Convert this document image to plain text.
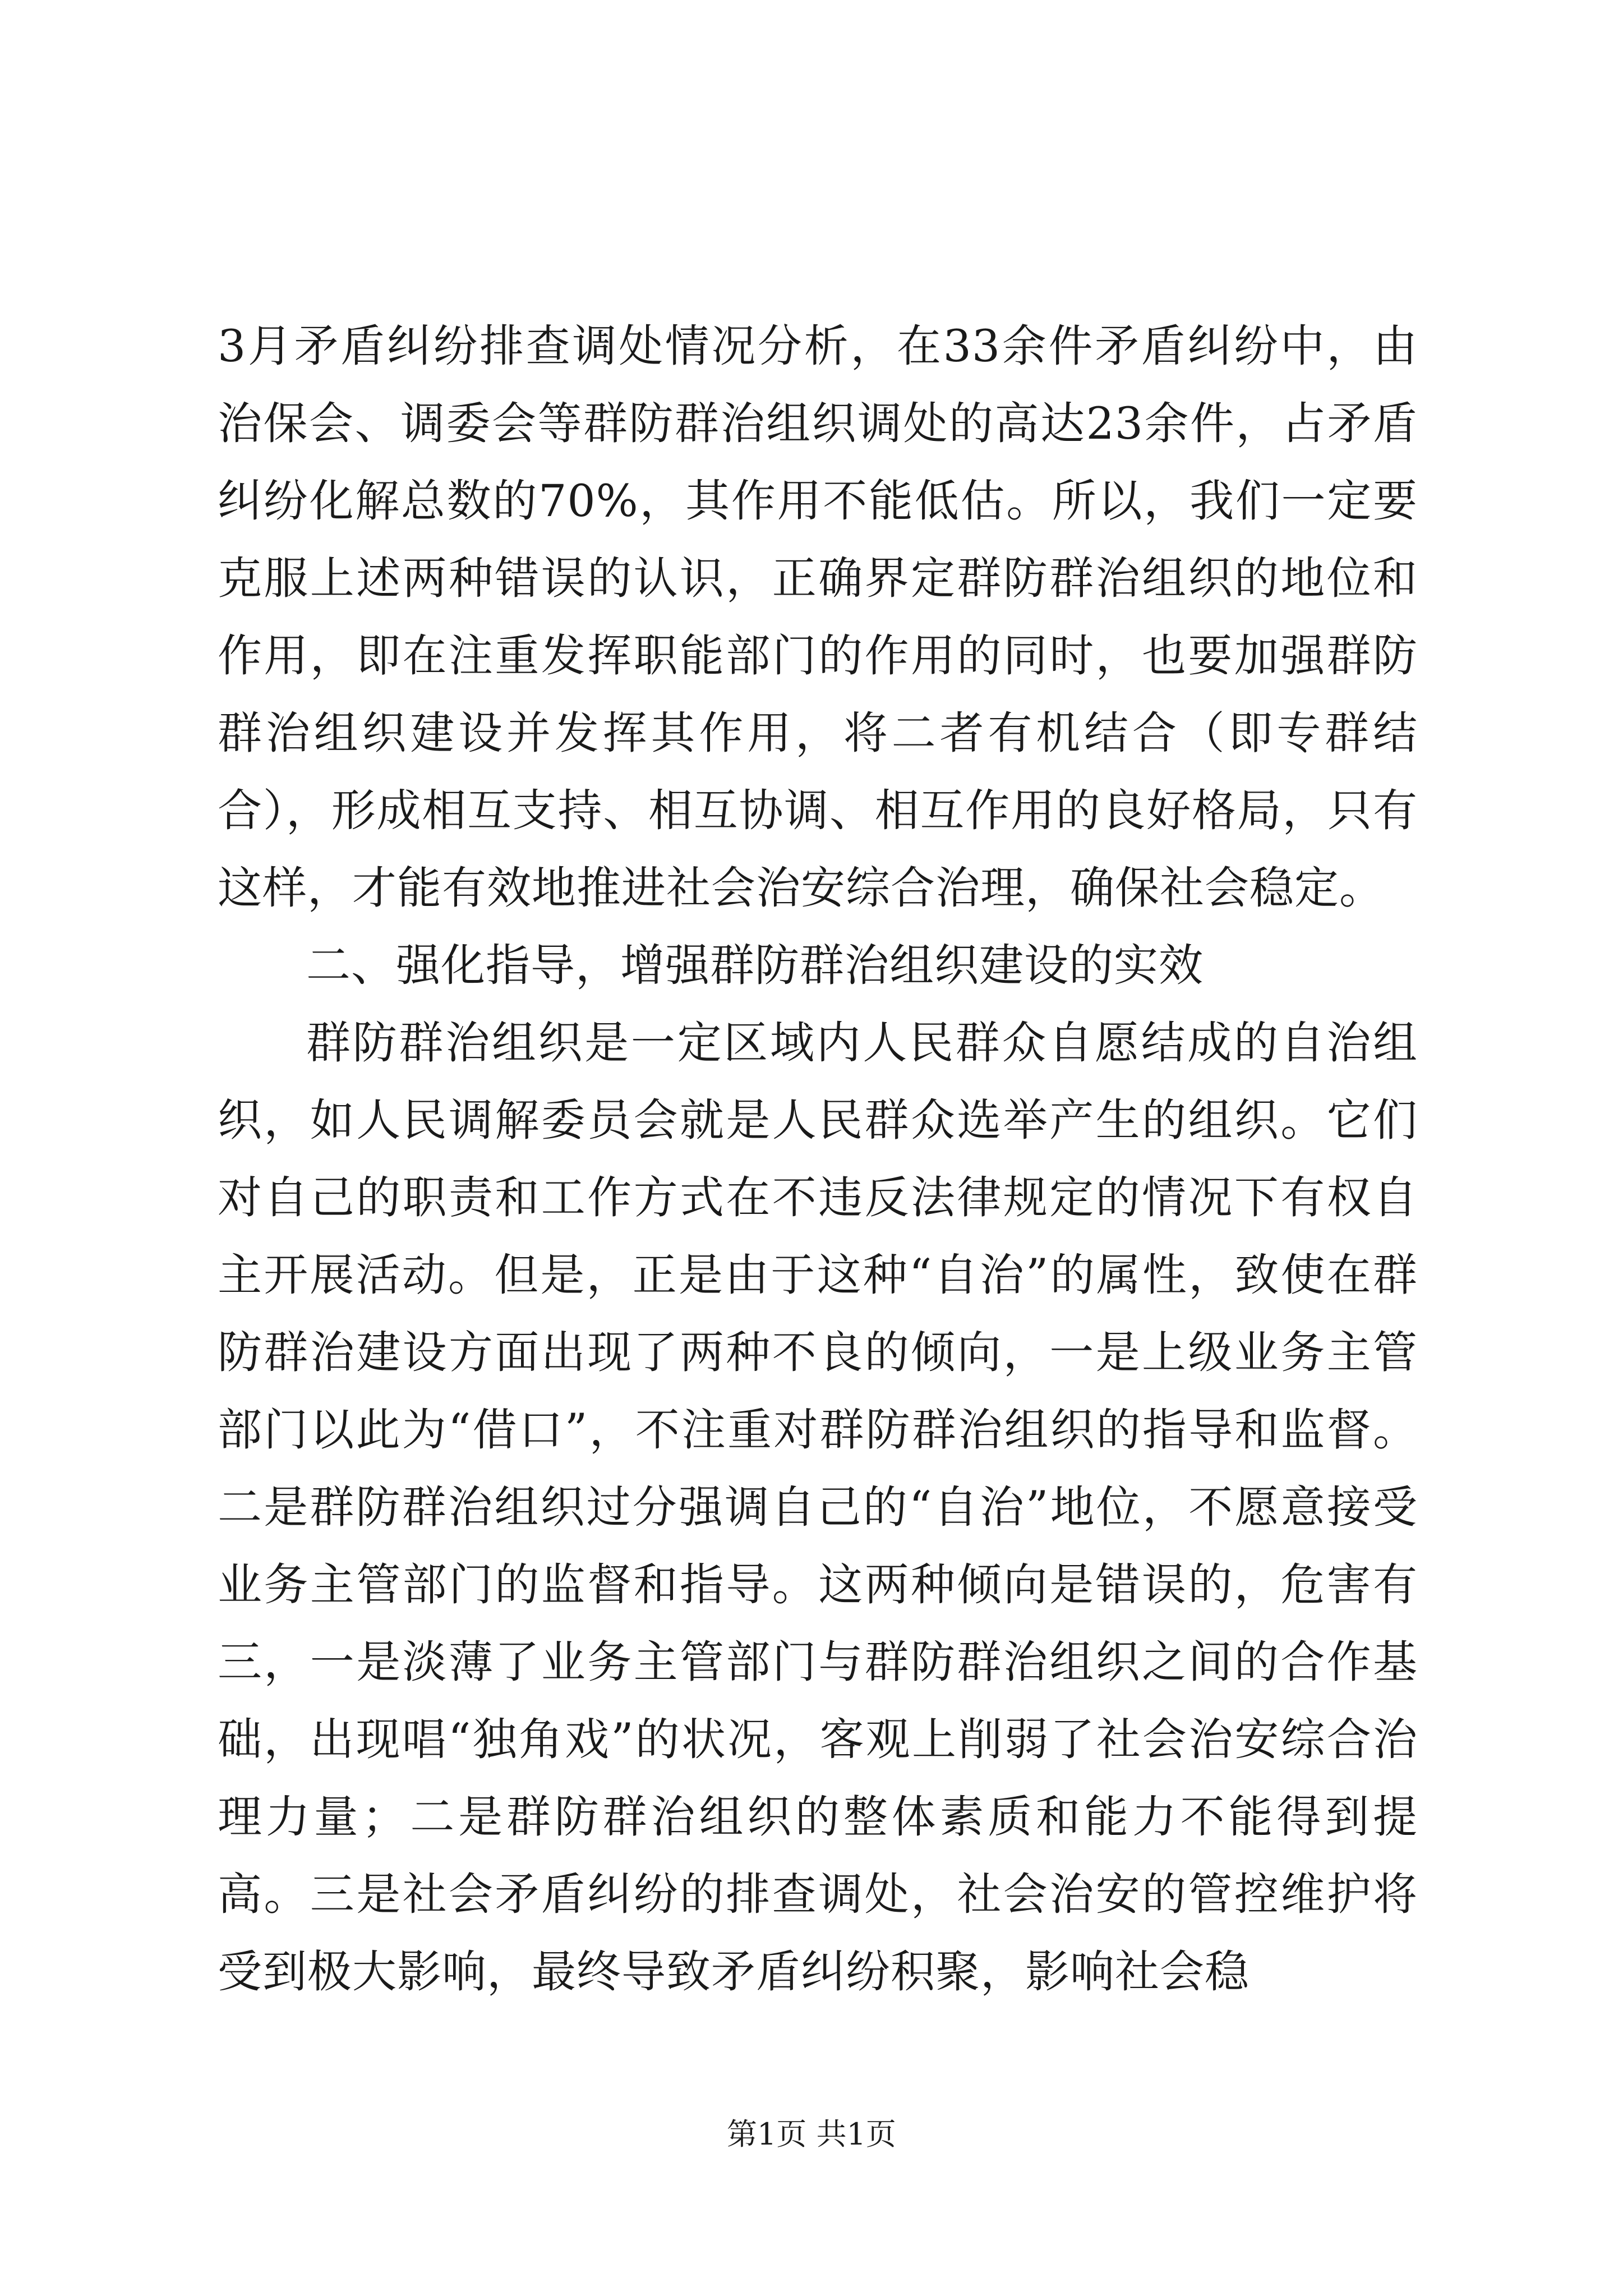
3月矛盾纠纷排查调处情况分析，在33余件矛盾纠纷中，由治保会、调委会等群防群治组织调处的高达23余件，占矛盾纠纷化解总数的70%，其作用不能低估。所以，我们一定要克服上述两种错误的认识，正确界定群防群治组织的地位和作用，即在注重发挥职能部门的作用的同时，也要加强群防群治组织建设并发挥其作用，将二者有机结合（即专群结合），形成相互支持、相互协调、相互作用的良好格局，只有这样，才能有效地推进社会治安综合治理，确保社会稳定。

二、强化指导，增强群防群治组织建设的实效

群防群治组织是一定区域内人民群众自愿结成的自治组织，如人民调解委员会就是人民群众选举产生的组织。它们对自己的职责和工作方式在不违反法律规定的情况下有权自主开展活动。但是，正是由于这种“自治”的属性，致使在群防群治建设方面出现了两种不良的倾向，一是上级业务主管部门以此为“借口”，不注重对群防群治组织的指导和监督。二是群防群治组织过分强调自己的“自治”地位，不愿意接受业务主管部门的监督和指导。这两种倾向是错误的，危害有三，一是淡薄了业务主管部门与群防群治组织之间的合作基础，出现唱“独角戏”的状况，客观上削弱了社会治安综合治理力量；二是群防群治组织的整体素质和能力不能得到提高。三是社会矛盾纠纷的排查调处，社会治安的管控维护将受到极大影响，最终导致矛盾纠纷积聚，影响社会稳

第1页 共1页
